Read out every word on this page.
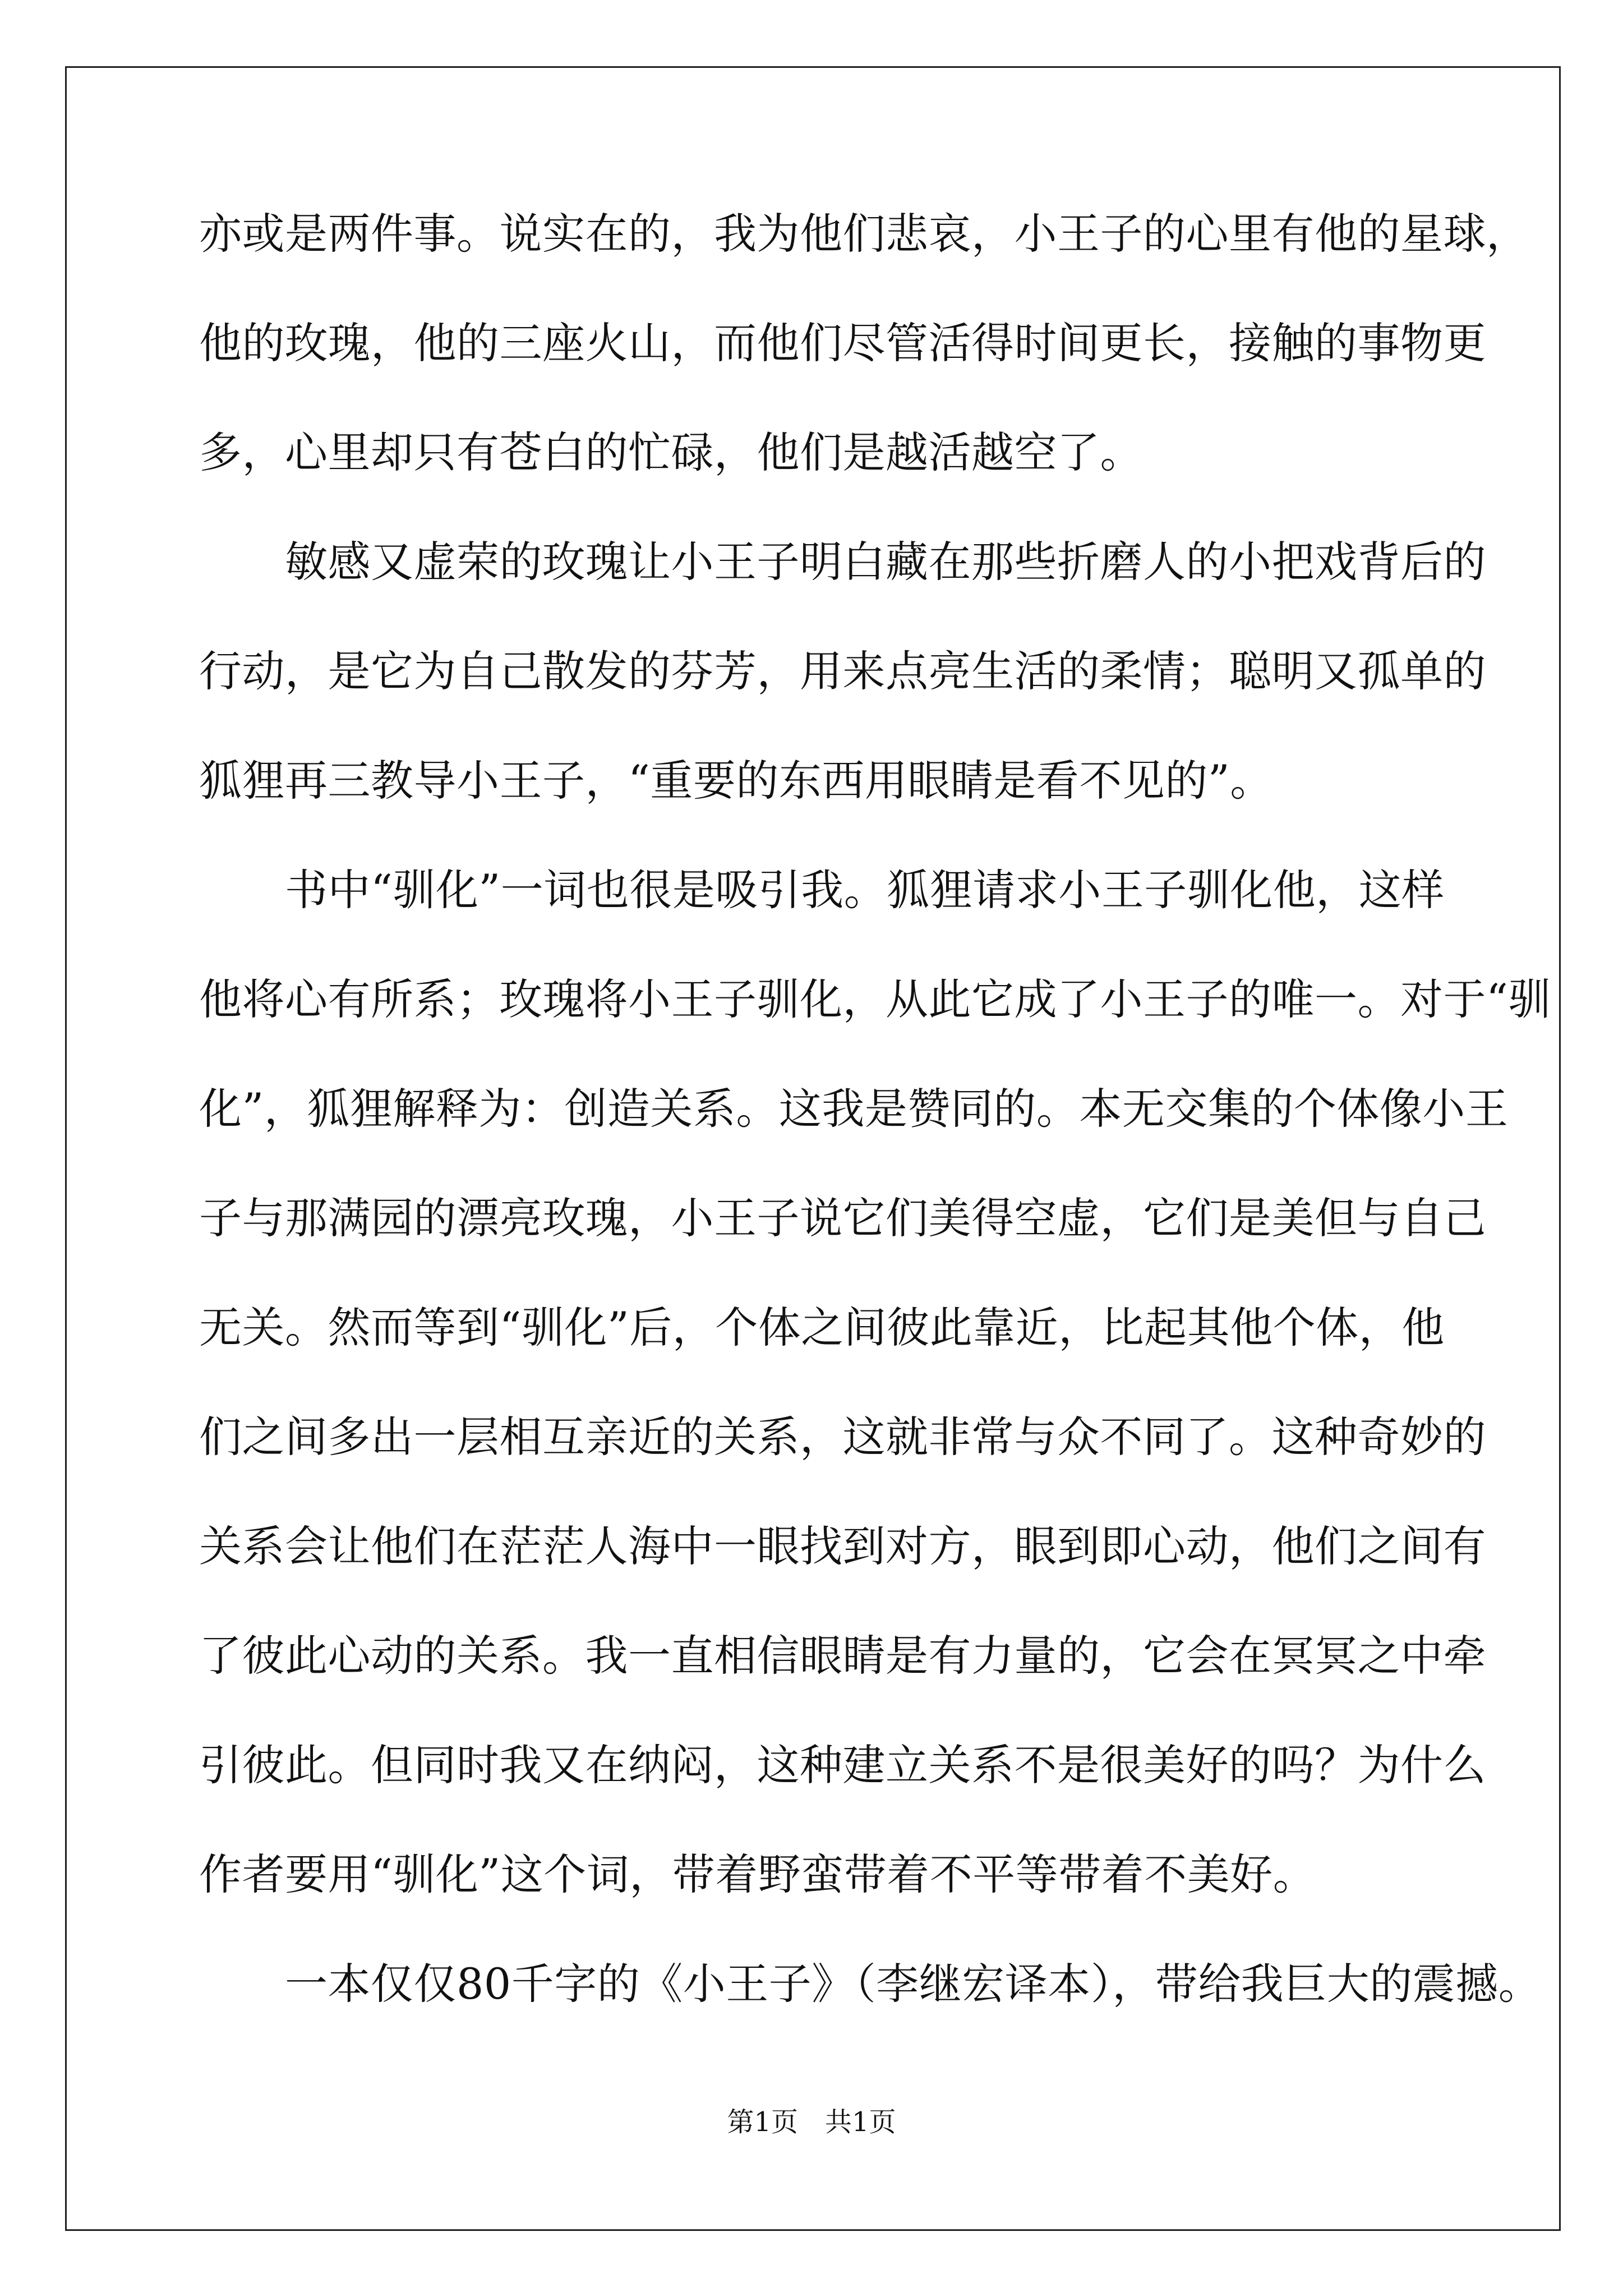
亦或是两件事。说实在的，我为他们悲哀，小王子的心里有他的星球，
他的玫瑰，他的三座火山，而他们尽管活得时间更长，接触的事物更
多，心里却只有苍白的忙碌，他们是越活越空了。
敏感又虚荣的玫瑰让小王子明白藏在那些折磨人的小把戏背后的
行动，是它为自己散发的芬芳，用来点亮生活的柔情；聪明又孤单的
狐狸再三教导小王子，“重要的东西用眼睛是看不见的”。
书中“驯化”一词也很是吸引我。狐狸请求小王子驯化他，这样
他将心有所系；玫瑰将小王子驯化，从此它成了小王子的唯一。对于“驯
化”，狐狸解释为：创造关系。这我是赞同的。本无交集的个体像小王
子与那满园的漂亮玫瑰，小王子说它们美得空虚，它们是美但与自己
无关。然而等到“驯化”后，个体之间彼此靠近，比起其他个体，他
们之间多出一层相互亲近的关系，这就非常与众不同了。这种奇妙的
关系会让他们在茫茫人海中一眼找到对方，眼到即心动，他们之间有
了彼此心动的关系。我一直相信眼睛是有力量的，它会在冥冥之中牵
引彼此。但同时我又在纳闷，这种建立关系不是很美好的吗？为什么
作者要用“驯化”这个词，带着野蛮带着不平等带着不美好。
一本仅仅80千字的《小王子》（李继宏译本），带给我巨大的震撼。
第1页　共1页
